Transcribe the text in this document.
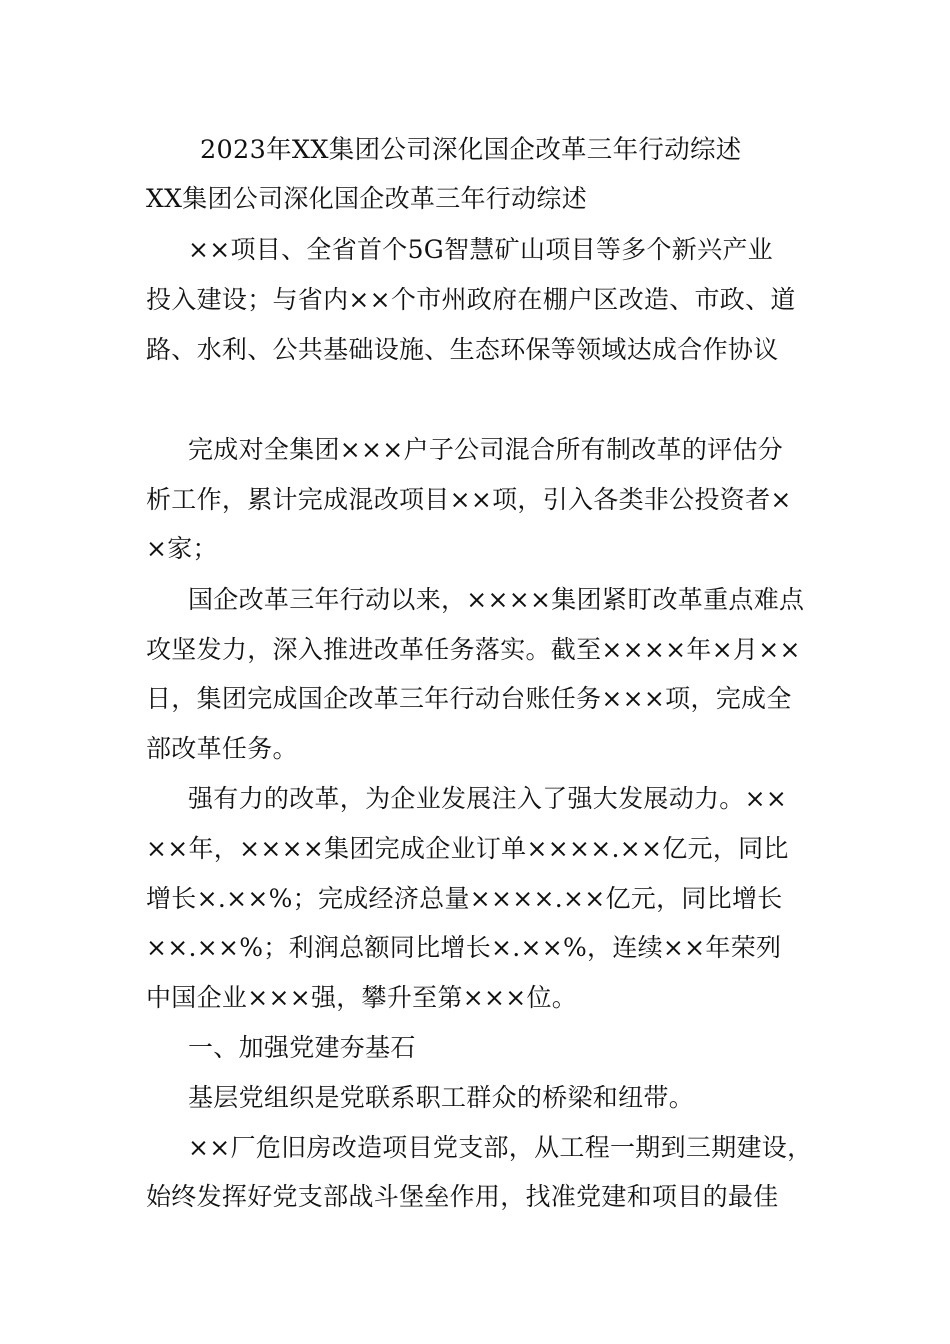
2023年XX集团公司深化国企改革三年行动综述
XX集团公司深化国企改革三年行动综述
××项目、全省首个5G智慧矿山项目等多个新兴产业
投入建设；与省内××个市州政府在棚户区改造、市政、道
路、水利、公共基础设施、生态环保等领域达成合作协议
完成对全集团×××户子公司混合所有制改革的评估分
析工作，累计完成混改项目××项，引入各类非公投资者×
×家；
国企改革三年行动以来，××××集团紧盯改革重点难点
攻坚发力，深入推进改革任务落实。截至××××年×月××
日，集团完成国企改革三年行动台账任务×××项，完成全
部改革任务。
强有力的改革，为企业发展注入了强大发展动力。××
××年，××××集团完成企业订单××××.××亿元，同比
增长×.××%；完成经济总量××××.××亿元，同比增长
××.××%；利润总额同比增长×.××%，连续××年荣列
中国企业×××强，攀升至第×××位。
一、加强党建夯基石
基层党组织是党联系职工群众的桥梁和纽带。
××厂危旧房改造项目党支部，从工程一期到三期建设，
始终发挥好党支部战斗堡垒作用，找准党建和项目的最佳
